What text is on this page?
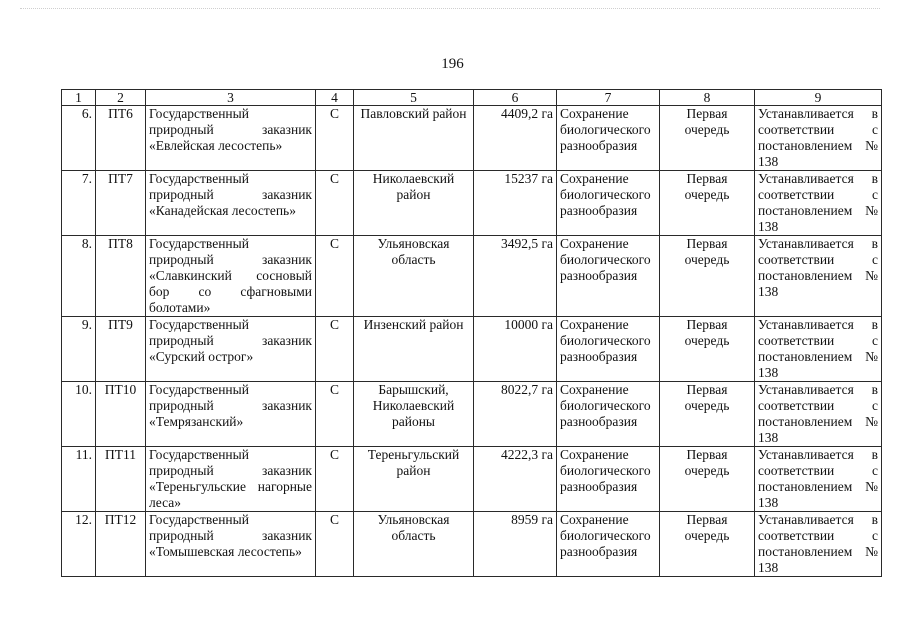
196
1	2	3	4	5	6	7	8	9
6.	ПТ6	Государственный природный заказник «Евлейская лесостепь»	С	Павловский район	4409,2 га	Сохранение биологического разнообразия	Первая очередь	Устанавливается в соответствии с постановлением № 138
7.	ПТ7	Государственный природный заказник «Канадейская лесостепь»	С	Николаевский район	15237 га	Сохранение биологического разнообразия	Первая очередь	Устанавливается в соответствии с постановлением № 138
8.	ПТ8	Государственный природный заказник «Славкинский сосновый бор со сфагновыми болотами»	С	Ульяновская область	3492,5 га	Сохранение биологического разнообразия	Первая очередь	Устанавливается в соответствии с постановлением № 138
9.	ПТ9	Государственный природный заказник «Сурский острог»	С	Инзенский район	10000 га	Сохранение биологического разнообразия	Первая очередь	Устанавливается в соответствии с постановлением № 138
10.	ПТ10	Государственный природный заказник «Темрязанский»	С	Барышский, Николаевский районы	8022,7 га	Сохранение биологического разнообразия	Первая очередь	Устанавливается в соответствии с постановлением № 138
11.	ПТ11	Государственный природный заказник «Тереньгульские нагорные леса»	С	Тереньгульский район	4222,3 га	Сохранение биологического разнообразия	Первая очередь	Устанавливается в соответствии с постановлением № 138
12.	ПТ12	Государственный природный заказник «Томышевская лесостепь»	С	Ульяновская область	8959 га	Сохранение биологического разнообразия	Первая очередь	Устанавливается в соответствии с постановлением № 138
